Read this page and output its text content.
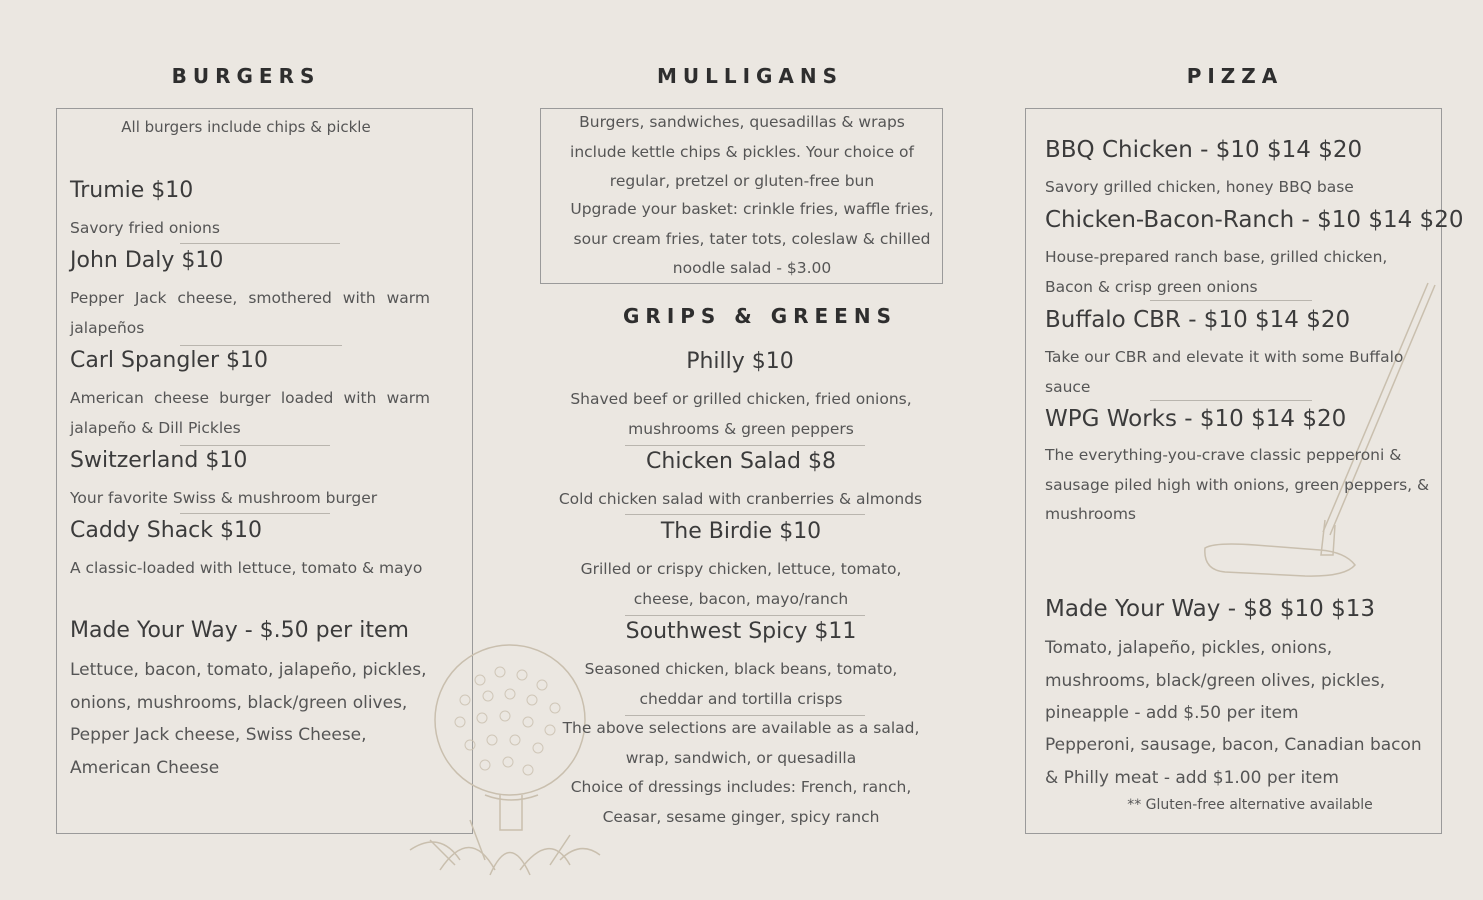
BURGERS
All burgers include chips & pickle
Trumie $10
Savory fried onions
John Daly $10
Pepper Jack cheese, smothered with warm jalapeños
Carl Spangler $10
American cheese burger loaded with warm jalapeño & Dill Pickles
Switzerland $10
Your favorite Swiss & mushroom burger
Caddy Shack $10
A classic-loaded with lettuce, tomato & mayo
Made Your Way - $.50 per item
Lettuce, bacon, tomato, jalapeño, pickles, onions, mushrooms, black/green olives, Pepper Jack cheese, Swiss Cheese, American Cheese
MULLIGANS
Burgers, sandwiches, quesadillas & wraps include kettle chips & pickles. Your choice of regular, pretzel or gluten-free bun
Upgrade your basket: crinkle fries, waffle fries, sour cream fries, tater tots, coleslaw & chilled noodle salad - $3.00
GRIPS & GREENS
Philly $10
Shaved beef or grilled chicken, fried onions, mushrooms & green peppers
Chicken Salad $8
Cold chicken salad with cranberries & almonds
The Birdie $10
Grilled or crispy chicken, lettuce, tomato, cheese, bacon, mayo/ranch
Southwest Spicy $11
Seasoned chicken, black beans, tomato, cheddar and tortilla crisps
The above selections are available as a salad, wrap, sandwich, or quesadilla
Choice of dressings includes: French, ranch, Ceasar, sesame ginger, spicy ranch
PIZZA
BBQ Chicken - $10 $14 $20
Savory grilled chicken, honey BBQ base
Chicken-Bacon-Ranch - $10 $14 $20
House-prepared ranch base, grilled chicken, Bacon & crisp green onions
Buffalo CBR - $10 $14 $20
Take our CBR and elevate it with some Buffalo sauce
WPG Works - $10 $14 $20
The everything-you-crave classic pepperoni & sausage piled high with onions, green peppers, & mushrooms
Made Your Way - $8 $10 $13
Tomato, jalapeño, pickles, onions, mushrooms, black/green olives, pickles, pineapple - add $.50 per item
Pepperoni, sausage, bacon, Canadian bacon & Philly meat - add $1.00 per item
** Gluten-free alternative available
